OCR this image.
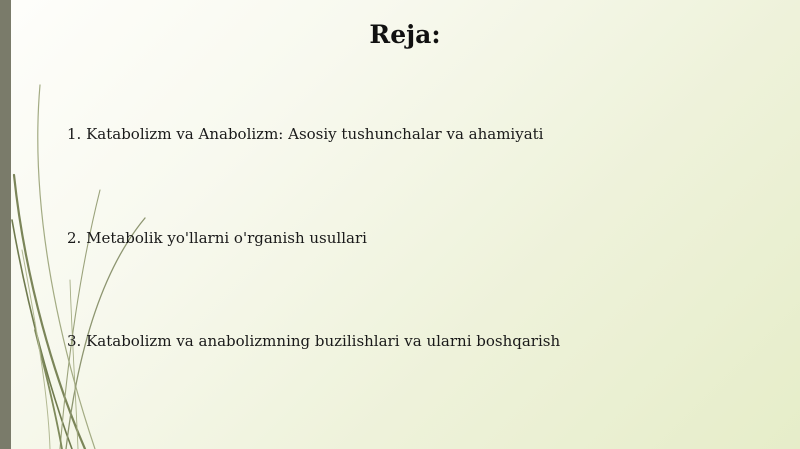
Reja:
1. Katabolizm va Anabolizm: Asosiy tushunchalar va ahamiyati
2. Metabolik yo'llarni o'rganish usullari
3. Katabolizm va anabolizmning buzilishlari va ularni boshqarish
